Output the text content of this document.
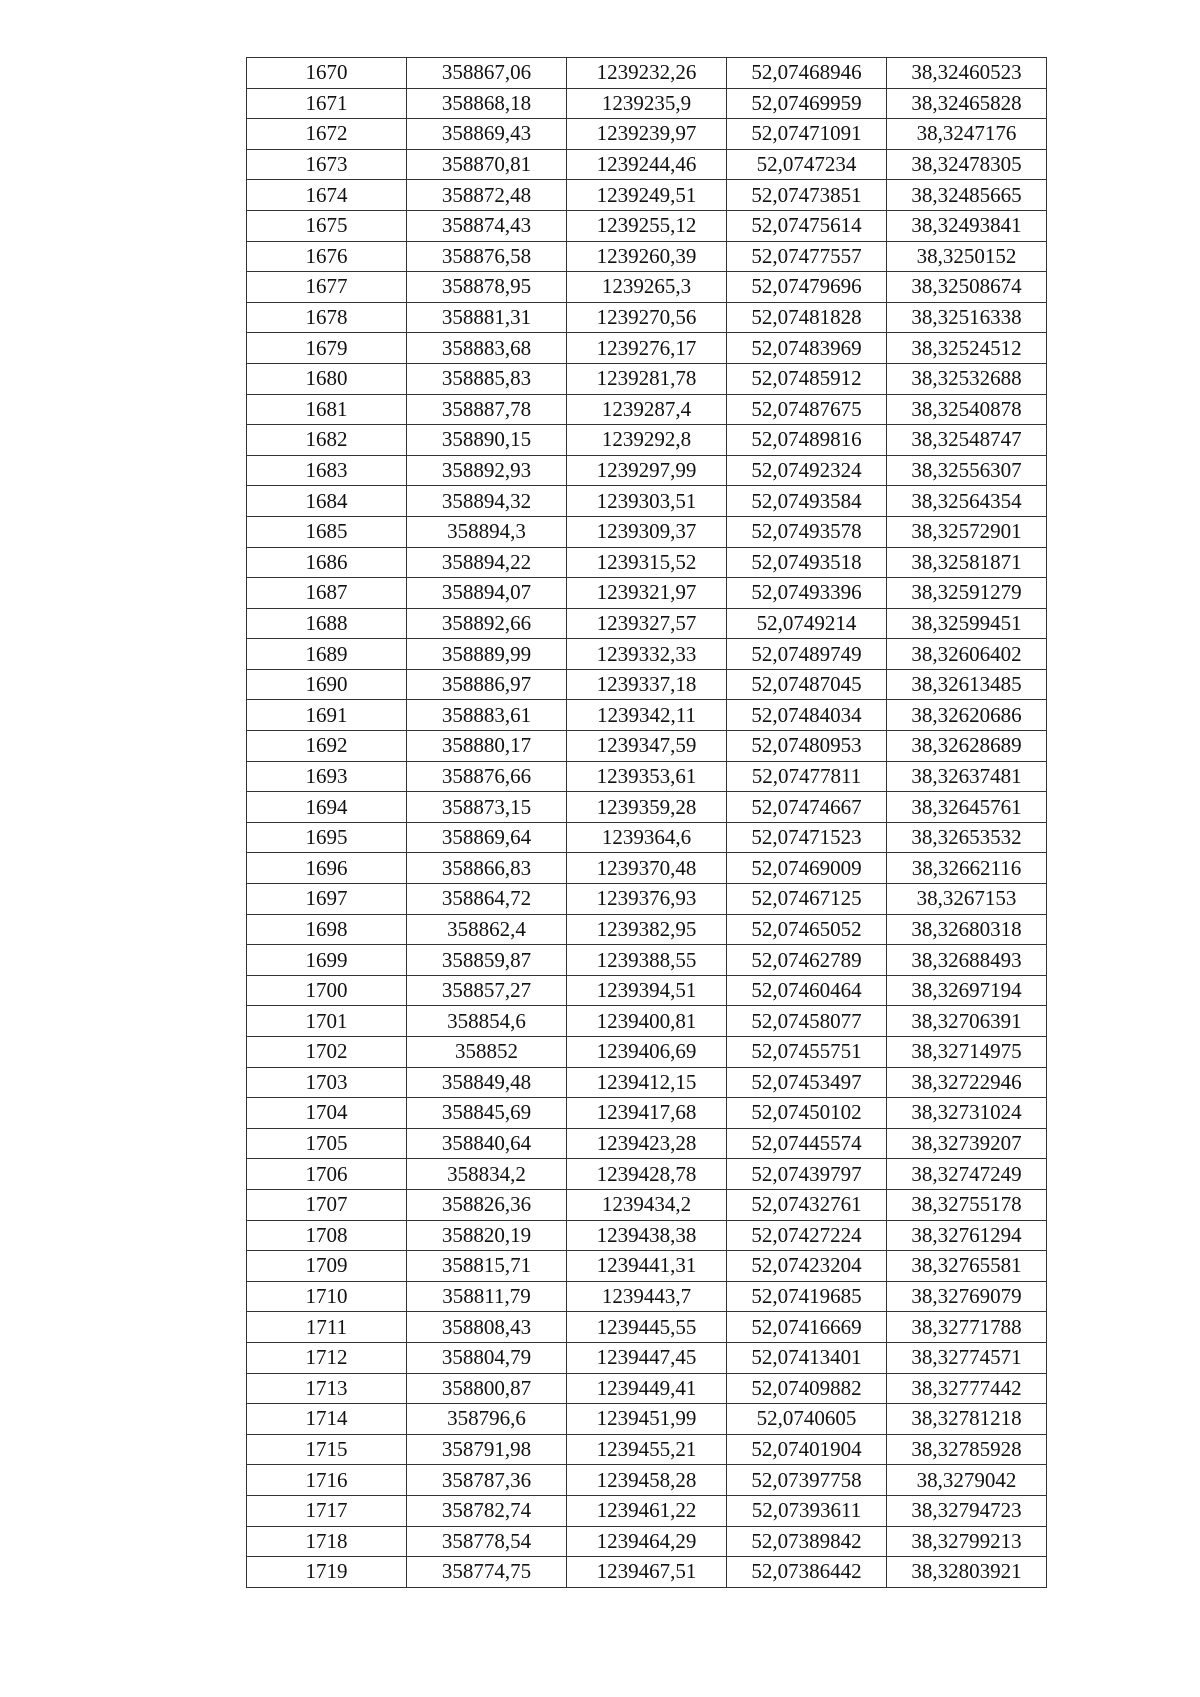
1670	358867,06	1239232,26	52,07468946	38,32460523
1671	358868,18	1239235,9	52,07469959	38,32465828
1672	358869,43	1239239,97	52,07471091	38,3247176
1673	358870,81	1239244,46	52,0747234	38,32478305
1674	358872,48	1239249,51	52,07473851	38,32485665
1675	358874,43	1239255,12	52,07475614	38,32493841
1676	358876,58	1239260,39	52,07477557	38,3250152
1677	358878,95	1239265,3	52,07479696	38,32508674
1678	358881,31	1239270,56	52,07481828	38,32516338
1679	358883,68	1239276,17	52,07483969	38,32524512
1680	358885,83	1239281,78	52,07485912	38,32532688
1681	358887,78	1239287,4	52,07487675	38,32540878
1682	358890,15	1239292,8	52,07489816	38,32548747
1683	358892,93	1239297,99	52,07492324	38,32556307
1684	358894,32	1239303,51	52,07493584	38,32564354
1685	358894,3	1239309,37	52,07493578	38,32572901
1686	358894,22	1239315,52	52,07493518	38,32581871
1687	358894,07	1239321,97	52,07493396	38,32591279
1688	358892,66	1239327,57	52,0749214	38,32599451
1689	358889,99	1239332,33	52,07489749	38,32606402
1690	358886,97	1239337,18	52,07487045	38,32613485
1691	358883,61	1239342,11	52,07484034	38,32620686
1692	358880,17	1239347,59	52,07480953	38,32628689
1693	358876,66	1239353,61	52,07477811	38,32637481
1694	358873,15	1239359,28	52,07474667	38,32645761
1695	358869,64	1239364,6	52,07471523	38,32653532
1696	358866,83	1239370,48	52,07469009	38,32662116
1697	358864,72	1239376,93	52,07467125	38,3267153
1698	358862,4	1239382,95	52,07465052	38,32680318
1699	358859,87	1239388,55	52,07462789	38,32688493
1700	358857,27	1239394,51	52,07460464	38,32697194
1701	358854,6	1239400,81	52,07458077	38,32706391
1702	358852	1239406,69	52,07455751	38,32714975
1703	358849,48	1239412,15	52,07453497	38,32722946
1704	358845,69	1239417,68	52,07450102	38,32731024
1705	358840,64	1239423,28	52,07445574	38,32739207
1706	358834,2	1239428,78	52,07439797	38,32747249
1707	358826,36	1239434,2	52,07432761	38,32755178
1708	358820,19	1239438,38	52,07427224	38,32761294
1709	358815,71	1239441,31	52,07423204	38,32765581
1710	358811,79	1239443,7	52,07419685	38,32769079
1711	358808,43	1239445,55	52,07416669	38,32771788
1712	358804,79	1239447,45	52,07413401	38,32774571
1713	358800,87	1239449,41	52,07409882	38,32777442
1714	358796,6	1239451,99	52,0740605	38,32781218
1715	358791,98	1239455,21	52,07401904	38,32785928
1716	358787,36	1239458,28	52,07397758	38,3279042
1717	358782,74	1239461,22	52,07393611	38,32794723
1718	358778,54	1239464,29	52,07389842	38,32799213
1719	358774,75	1239467,51	52,07386442	38,32803921
